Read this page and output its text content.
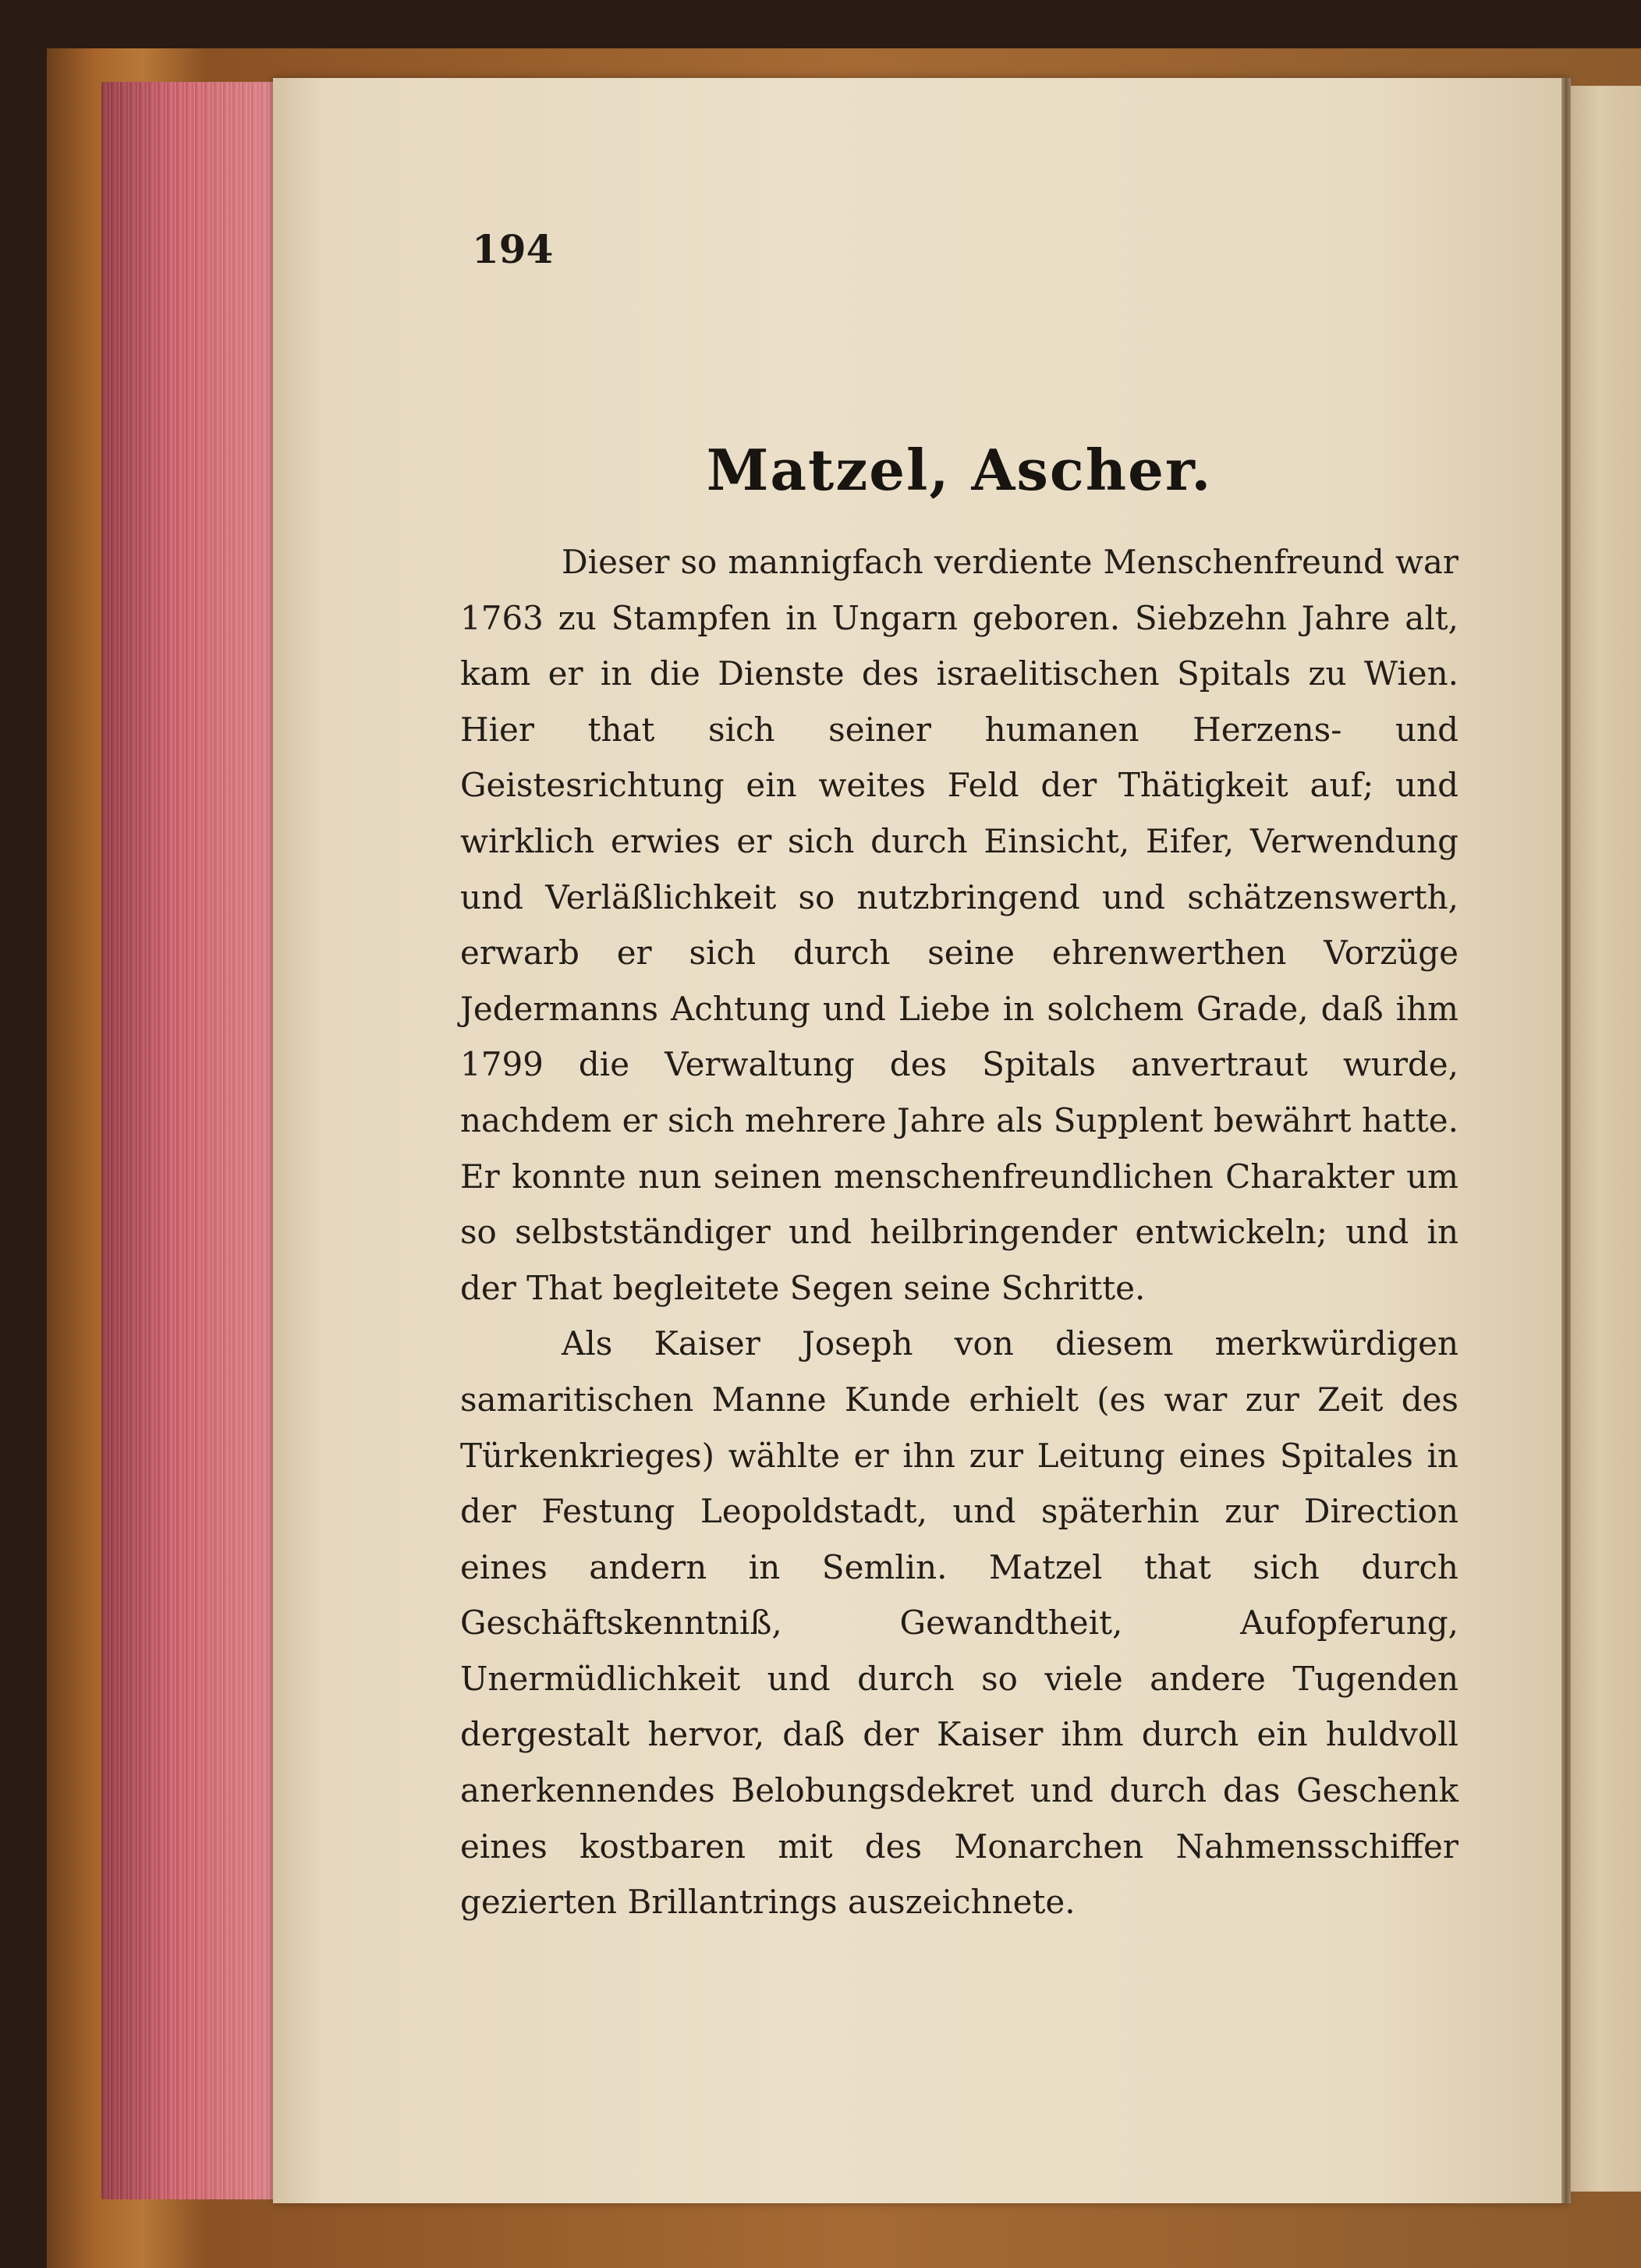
194
Matzel, Ascher.

Dieser so mannigfach verdiente Menschenfreund war 1763 zu Stampfen in Ungarn geboren. Siebzehn Jahre alt, kam er in die Dienste des israelitischen Spitals zu Wien. Hier that sich seiner humanen Herzens- und Geistesrichtung ein weites Feld der Thätigkeit auf; und wirklich erwies er sich durch Einsicht, Eifer, Verwendung und Verläßlichkeit so nutzbringend und schätzenswerth, erwarb er sich durch seine ehrenwerthen Vorzüge Jedermanns Achtung und Liebe in solchem Grade, daß ihm 1799 die Verwaltung des Spitals anvertraut wurde, nachdem er sich mehrere Jahre als Supplent bewährt hatte. Er konnte nun seinen menschenfreundlichen Charakter um so selbstständiger und heilbringender entwickeln; und in der That begleitete Segen seine Schritte.

Als Kaiser Joseph von diesem merkwürdigen samaritischen Manne Kunde erhielt (es war zur Zeit des Türkenkrieges) wählte er ihn zur Leitung eines Spitales in der Festung Leopoldstadt, und späterhin zur Direction eines andern in Semlin. Matzel that sich durch Geschäftskenntniß, Gewandtheit, Aufopferung, Unermüdlichkeit und durch so viele andere Tugenden dergestalt hervor, daß der Kaiser ihm durch ein huldvoll anerkennendes Belobungsdekret und durch das Geschenk eines kostbaren mit des Monarchen Nahmensschiffer gezierten Brillantrings auszeichnete.
